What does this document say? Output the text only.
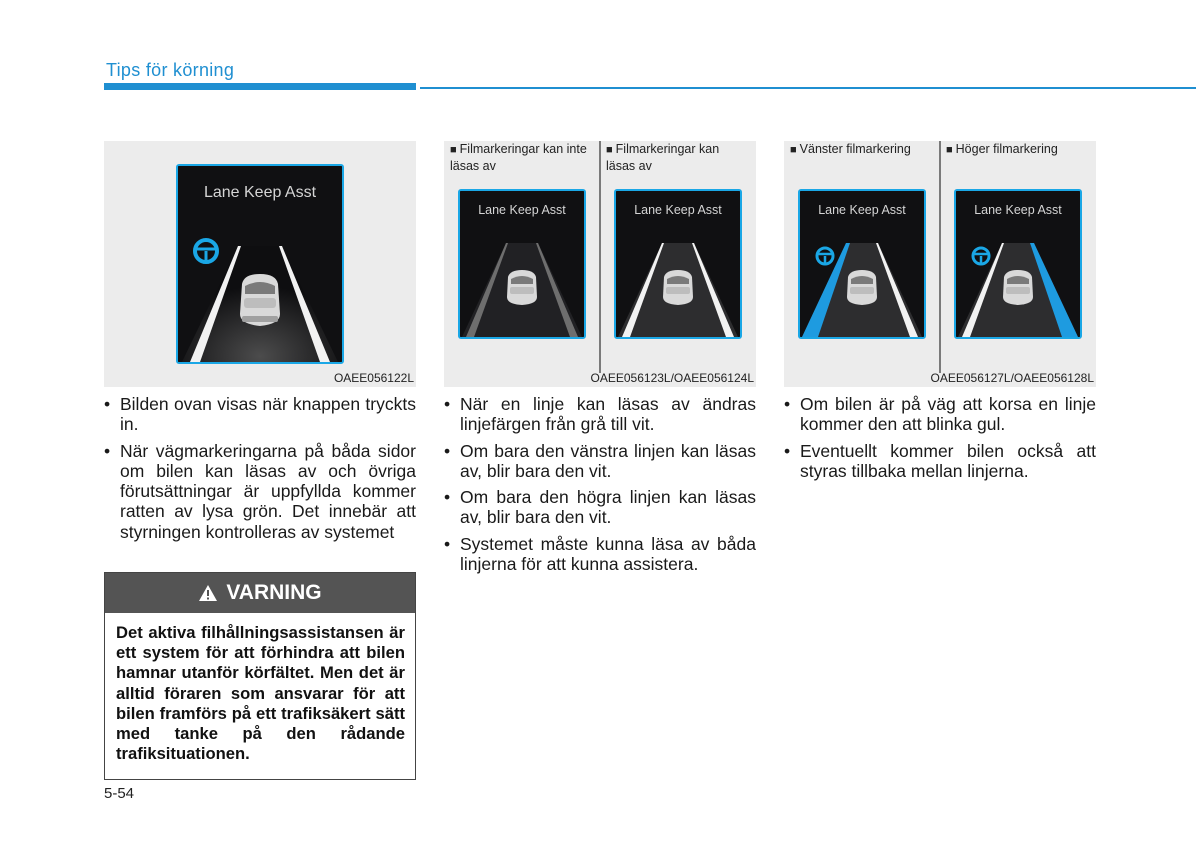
Tips för körning
Lane Keep Asst
OAEE056122L
■ Filmarkeringar kan inte läsas av
■ Filmarkeringar kan läsas av
Lane Keep Asst	Lane Keep Asst
OAEE056123L/OAEE056124L
■ Vänster filmarkering	■ Höger filmarkering
Lane Keep Asst	Lane Keep Asst
OAEE056127L/OAEE056128L
• Bilden ovan visas när knappen tryckts in.
• När vägmarkeringarna på båda sidor om bilen kan läsas av och övriga förutsättningar är uppfyllda kommer ratten av lysa grön. Det innebär att styrningen kontrolleras av systemet
VARNING
Det aktiva filhållningsassistansen är ett system för att förhindra att bilen hamnar utanför körfältet. Men det är alltid föraren som ansvarar för att bilen framförs på ett trafiksäkert sätt med tanke på den rådande trafiksituationen.
• När en linje kan läsas av ändras linjefärgen från grå till vit.
• Om bara den vänstra linjen kan läsas av, blir bara den vit.
• Om bara den högra linjen kan läsas av, blir bara den vit.
• Systemet måste kunna läsa av båda linjerna för att kunna assistera.
• Om bilen är på väg att korsa en linje kommer den att blinka gul.
• Eventuellt kommer bilen också att styras tillbaka mellan linjerna.
5-54
